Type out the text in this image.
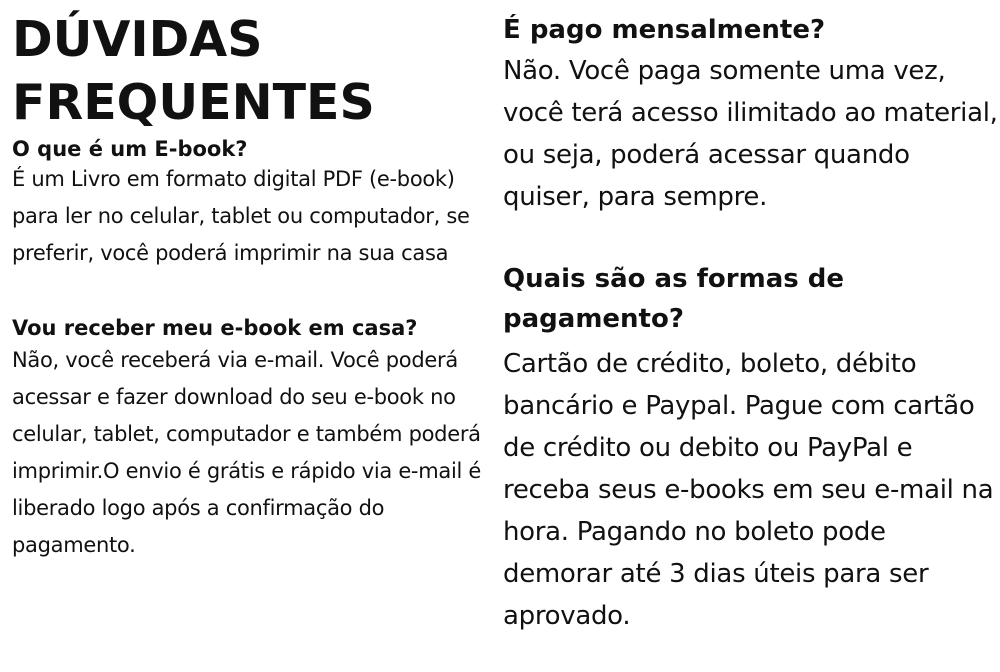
DÚVIDAS FREQUENTES

O que é um E-book?

É um Livro em formato digital PDF (e-book) para ler no celular, tablet ou computador, se preferir, você poderá imprimir na sua casa

Vou receber meu e-book em casa?

Não, você receberá via e-mail. Você poderá acessar e fazer download do seu e-book no celular, tablet, computador e também poderá imprimir.O envio é grátis e rápido via e-mail é liberado logo após a confirmação do pagamento.

É pago mensalmente?

Não. Você paga somente uma vez, você terá acesso ilimitado ao material, ou seja, poderá acessar quando quiser, para sempre.

Quais são as formas de pagamento?

Cartão de crédito, boleto, débito bancário e Paypal. Pague com cartão de crédito ou debito ou PayPal e receba seus e-books em seu e-mail na hora. Pagando no boleto pode demorar até 3 dias úteis para ser aprovado.
